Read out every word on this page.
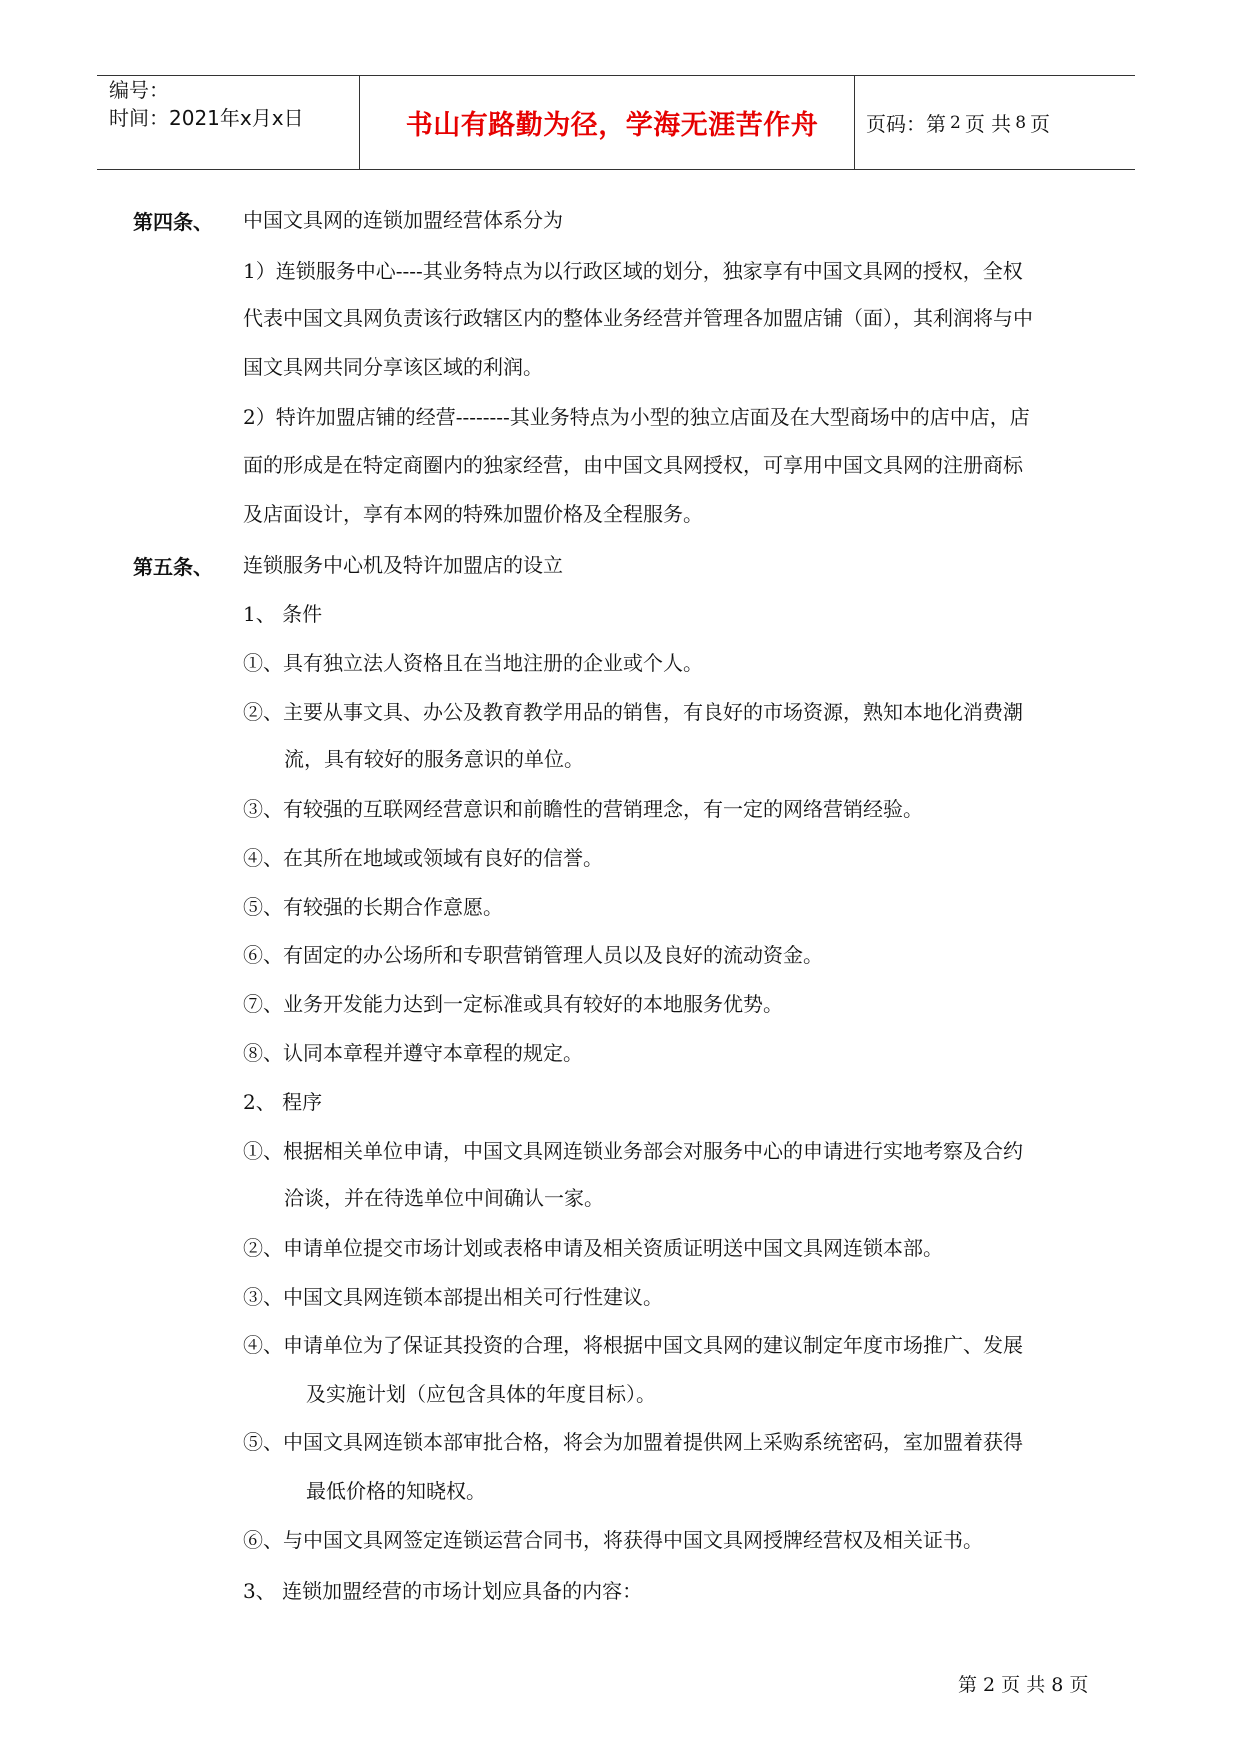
编号：
时间：2021年x月x日	书山有路勤为径，学海无涯苦作舟	页码：第 2 页 共 8 页
第四条、 中国文具网的连锁加盟经营体系分为
1）连锁服务中心----其业务特点为以行政区域的划分，独家享有中国文具网的授权，全权
代表中国文具网负责该行政辖区内的整体业务经营并管理各加盟店铺（面），其利润将与中
国文具网共同分享该区域的利润。
2）特许加盟店铺的经营--------其业务特点为小型的独立店面及在大型商场中的店中店，店
面的形成是在特定商圈内的独家经营，由中国文具网授权，可享用中国文具网的注册商标
及店面设计，享有本网的特殊加盟价格及全程服务。
第五条、 连锁服务中心机及特许加盟店的设立
1、 条件
①、具有独立法人资格且在当地注册的企业或个人。
②、主要从事文具、办公及教育教学用品的销售，有良好的市场资源，熟知本地化消费潮
流，具有较好的服务意识的单位。
③、有较强的互联网经营意识和前瞻性的营销理念，有一定的网络营销经验。
④、在其所在地域或领域有良好的信誉。
⑤、有较强的长期合作意愿。
⑥、有固定的办公场所和专职营销管理人员以及良好的流动资金。
⑦、业务开发能力达到一定标准或具有较好的本地服务优势。
⑧、认同本章程并遵守本章程的规定。
2、 程序
①、根据相关单位申请，中国文具网连锁业务部会对服务中心的申请进行实地考察及合约
洽谈，并在待选单位中间确认一家。
②、申请单位提交市场计划或表格申请及相关资质证明送中国文具网连锁本部。
③、中国文具网连锁本部提出相关可行性建议。
④、申请单位为了保证其投资的合理，将根据中国文具网的建议制定年度市场推广、发展
及实施计划（应包含具体的年度目标）。
⑤、中国文具网连锁本部审批合格，将会为加盟着提供网上采购系统密码，室加盟着获得
最低价格的知晓权。
⑥、与中国文具网签定连锁运营合同书，将获得中国文具网授牌经营权及相关证书。
3、 连锁加盟经营的市场计划应具备的内容：
第 2 页 共 8 页
